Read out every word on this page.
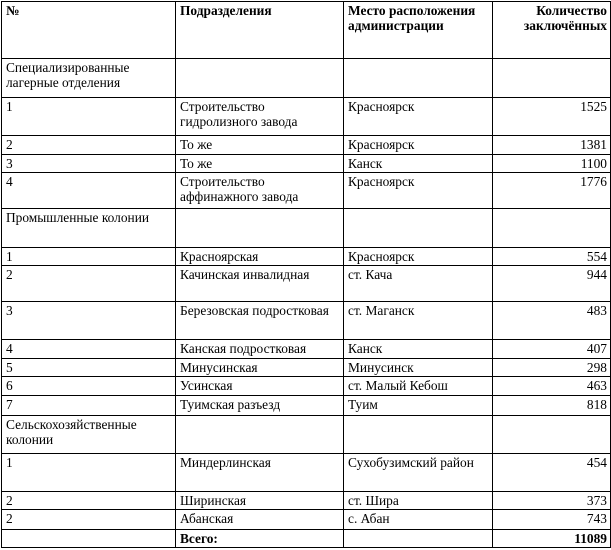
№	Подразделения	Место расположения администрации	Количество заключённых
Специализированные лагерные отделения			
1	Строительство гидролизного завода	Красноярск	1525
2	То же	Красноярск	1381
3	То же	Канск	1100
4	Строительство аффинажного завода	Красноярск	1776
Промышленные колонии			
1	Красноярская	Красноярск	554
2	Качинская инвалидная	ст. Кача	944
3	Березовская подростковая	ст. Маганск	483
4	Канская подростковая	Канск	407
5	Минусинская	Минусинск	298
6	Усинская	ст. Малый Кебош	463
7	Туимская разъезд	Туим	818
Сельскохозяйственные колонии			
1	Миндерлинская	Сухобузимский район	454
2	Ширинская	ст. Шира	373
2	Абанская	с. Абан	743
	Всего:		11089
